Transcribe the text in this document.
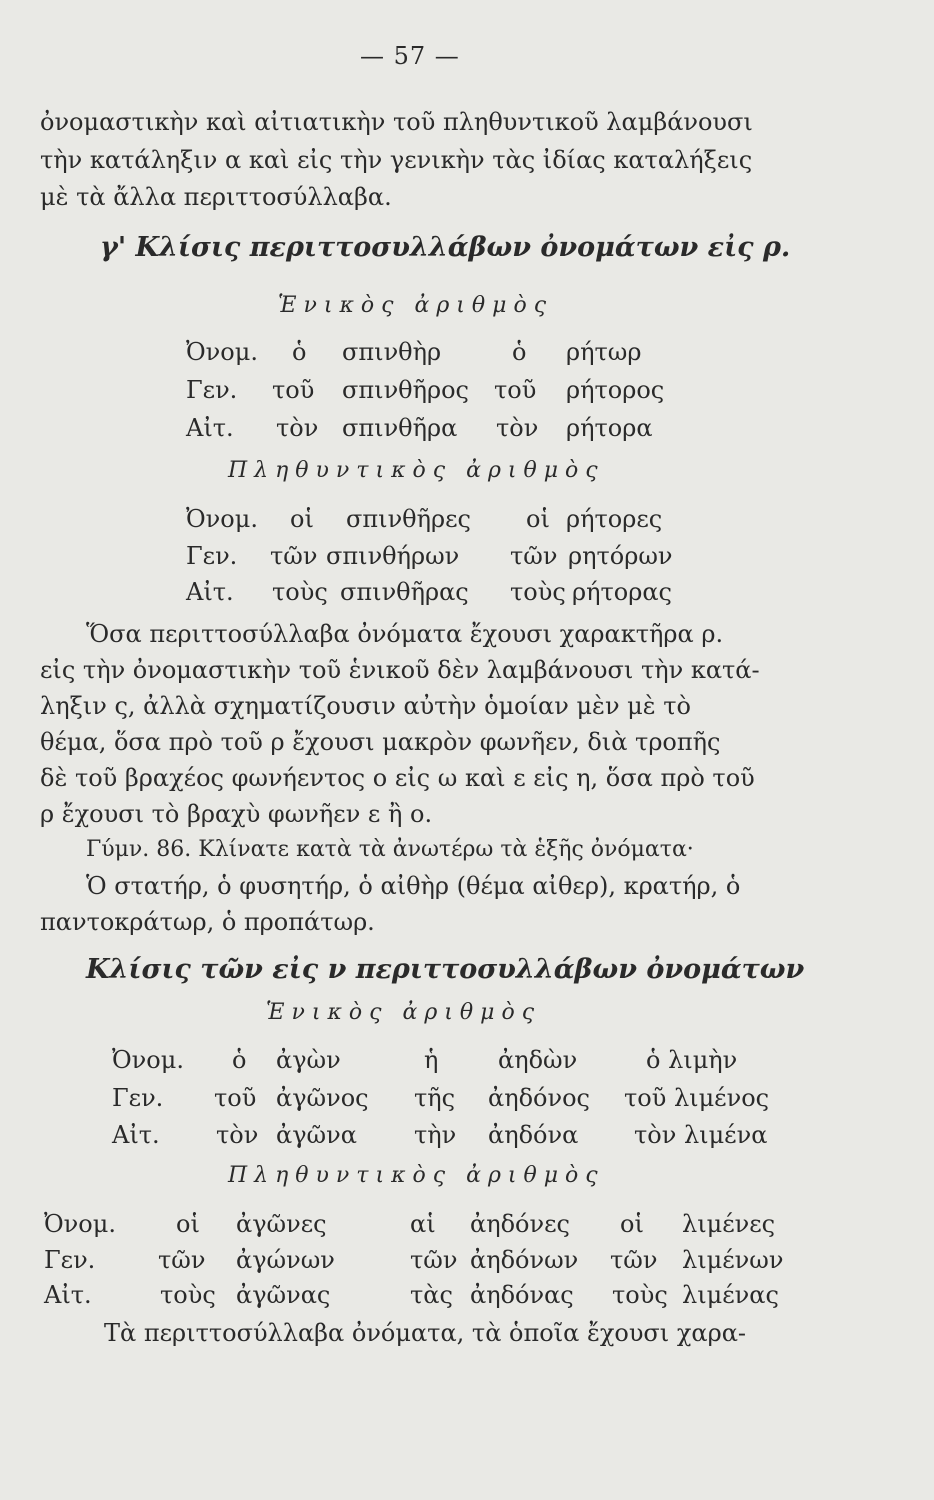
— 57 —
ὀνομαστικὴν καὶ αἰτιατικὴν τοῦ πληθυντικοῦ λαμβάνουσι
τὴν κατάληξιν α καὶ εἰς τὴν γενικὴν τὰς ἰδίας καταλήξεις
μὲ τὰ ἄλλα περιττοσύλλαβα.
γ' Κλίσις περιττοσυλλάβων ὀνομάτων εἰς ρ.
Ἑνικὸς ἀριθμὸς
Ὀνομ. ὁ σπινθὴρ	ὁ ρήτωρ
Γεν. τοῦ σπινθῆρος τοῦ ρήτορος
Αἰτ. τὸν σπινθῆρα τὸν ρήτορα
Πληθυντικὸς ἀριθμὸς
Ὀνομ. οἱ σπινθῆρες οἱ ρήτορες
Γεν. τῶν σπινθήρων τῶν ρητόρων
Αἰτ. τοὺς σπινθῆρας τοὺς ρήτορας
Ὅσα περιττοσύλλαβα ὀνόματα ἔχουσι χαρακτῆρα ρ.
εἰς τὴν ὀνομαστικὴν τοῦ ἑνικοῦ δὲν λαμβάνουσι τὴν κατά-
ληξιν ς, ἀλλὰ σχηματίζουσιν αὐτὴν ὁμοίαν μὲν μὲ τὸ
θέμα, ὅσα πρὸ τοῦ ρ ἔχουσι μακρὸν φωνῆεν, διὰ τροπῆς
δὲ τοῦ βραχέος φωνήεντος ο εἰς ω καὶ ε εἰς η, ὅσα πρὸ τοῦ
ρ ἔχουσι τὸ βραχὺ φωνῆεν ε ἢ ο.
Γύμν. 86. Κλίνατε κατὰ τὰ ἀνωτέρω τὰ ἑξῆς ὀνόματα·
Ὁ στατήρ, ὁ φυσητήρ, ὁ αἰθὴρ (θέμα αἰθερ), κρατήρ, ὁ
παντοκράτωρ, ὁ προπάτωρ.
Κλίσις τῶν εἰς ν περιττοσυλλάβων ὀνομάτων
Ἑνικὸς ἀριθμὸς
Ὀνομ. ὁ ἀγὼν	ἡ ἀηδὼν	ὁ λιμὴν
Γεν. τοῦ ἀγῶνος τῆς ἀηδόνος τοῦ λιμένος
Αἰτ. τὸν ἀγῶνα τὴν ἀηδόνα τὸν λιμένα
Πληθυντικὸς ἀριθμὸς
Ὀνομ.	οἱ ἀγῶνες	αἱ ἀηδόνες οἱ λιμένες
Γεν.	τῶν ἀγώνων	τῶν ἀηδόνων τῶν λιμένων
Αἰτ.	τοὺς ἀγῶνας	τὰς ἀηδόνας τοὺς λιμένας
Τὰ περιττοσύλλαβα ὀνόματα, τὰ ὁποῖα ἔχουσι χαρα-
